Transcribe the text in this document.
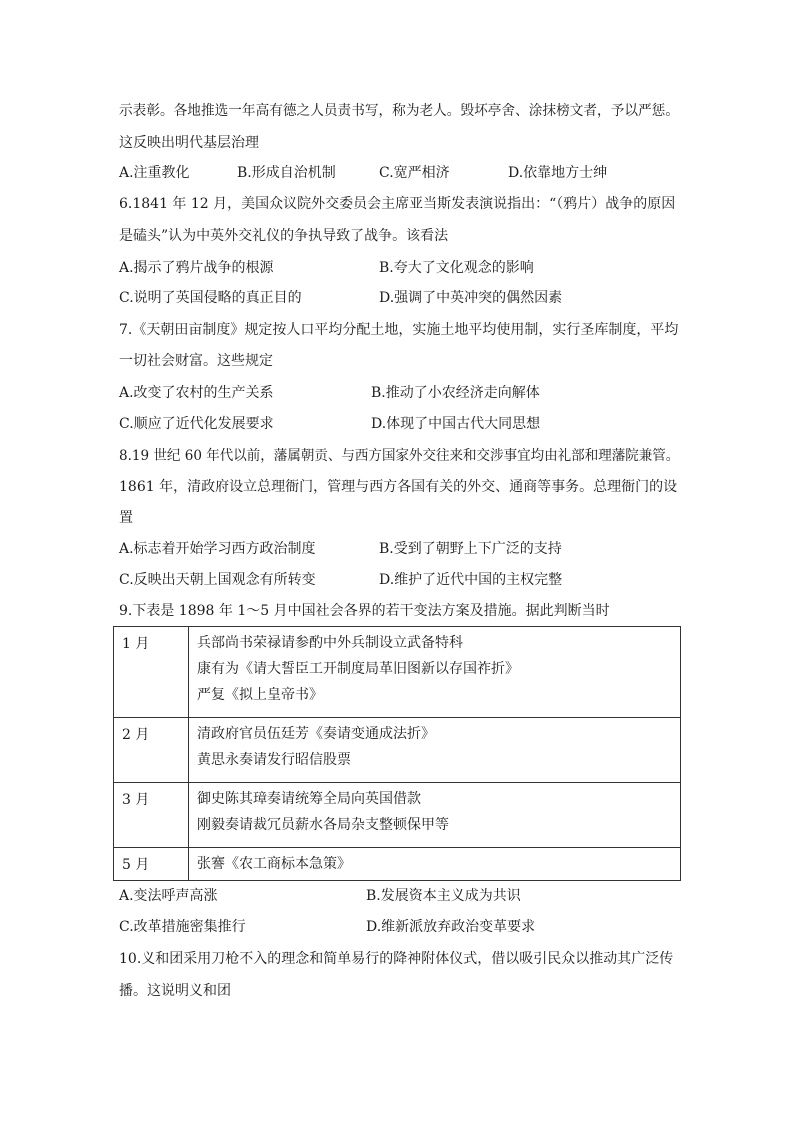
示表彰。各地推选一年高有德之人员责书写，称为老人。毁坏亭舍、涂抹榜文者，予以严惩。
这反映出明代基层治理
A.注重教化	B.形成自治机制	C.宽严相济	D.依靠地方士绅
6.1841 年 12 月，美国众议院外交委员会主席亚当斯发表演说指出：“（鸦片）战争的原因
是磕头”认为中英外交礼仪的争执导致了战争。该看法
A.揭示了鸦片战争的根源	B.夸大了文化观念的影响
C.说明了英国侵略的真正目的	D.强调了中英冲突的偶然因素
7.《天朝田亩制度》规定按人口平均分配土地，实施土地平均使用制，实行圣库制度，平均
一切社会财富。这些规定
A.改变了农村的生产关系	B.推动了小农经济走向解体
C.顺应了近代化发展要求	D.体现了中国古代大同思想
8.19 世纪 60 年代以前，藩属朝贡、与西方国家外交往来和交涉事宜均由礼部和理藩院兼管。
1861 年，清政府设立总理衙门，管理与西方各国有关的外交、通商等事务。总理衙门的设
置
A.标志着开始学习西方政治制度	B.受到了朝野上下广泛的支持
C.反映出天朝上国观念有所转变	D.维护了近代中国的主权完整
9.下表是 1898 年 1～5 月中国社会各界的若干变法方案及措施。据此判断当时
1 月	兵部尚书荣禄请参酌中外兵制设立武备特科
康有为《请大誓臣工开制度局革旧图新以存国祚折》
严复《拟上皇帝书》

2 月	清政府官员伍廷芳《奏请变通成法折》
黄思永奏请发行昭信股票

3 月	御史陈其璋奏请统筹全局向英国借款
刚毅奏请裁冗员薪水各局杂支整顿保甲等

5 月	张謇《农工商标本急策》
A.变法呼声高涨	B.发展资本主义成为共识
C.改革措施密集推行	D.维新派放弃政治变革要求
10.义和团采用刀枪不入的理念和简单易行的降神附体仪式，借以吸引民众以推动其广泛传
播。这说明义和团
